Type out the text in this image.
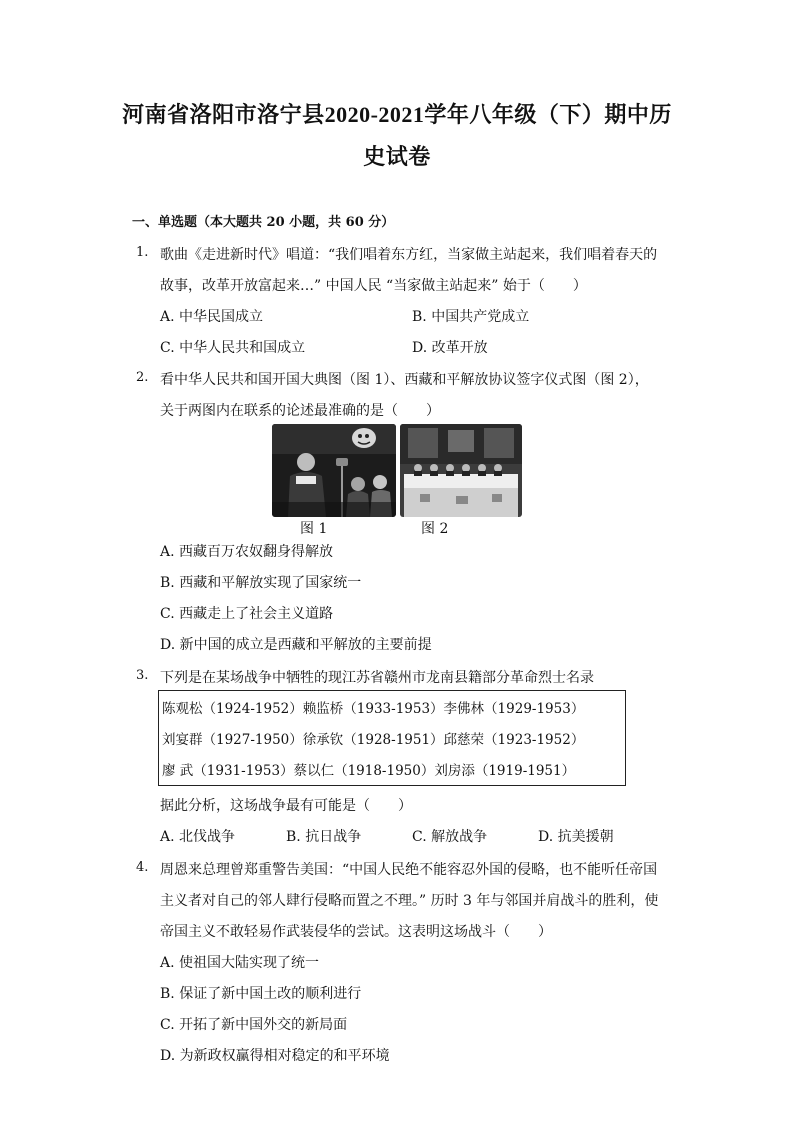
河南省洛阳市洛宁县2020-2021学年八年级（下）期中历
史试卷
一、单选题（本大题共 20 小题，共 60 分）
1. 歌曲《走进新时代》唱道：“我们唱着东方红，当家做主站起来，我们唱着春天的
故事，改革开放富起来…” 中国人民 “当家做主站起来” 始于（　　）
A. 中华民国成立	B. 中国共产党成立
C. 中华人民共和国成立	D. 改革开放
2. 看中华人民共和国开国大典图（图 1）、西藏和平解放协议签字仪式图（图 2），
关于两图内在联系的论述最准确的是（　　）
图 1	图 2
A. 西藏百万农奴翻身得解放
B. 西藏和平解放实现了国家统一
C. 西藏走上了社会主义道路
D. 新中国的成立是西藏和平解放的主要前提
3. 下列是在某场战争中牺牲的现江苏省赣州市龙南县籍部分革命烈士名录
陈观松（1924-1952）赖监桥（1933-1953）李佛林（1929-1953）
刘宴群（1927-1950）徐承钦（1928-1951）邱慈荣（1923-1952）
廖 武（1931-1953）蔡以仁（1918-1950）刘房添（1919-1951）
据此分析，这场战争最有可能是（　　）
A. 北伐战争	B. 抗日战争	C. 解放战争	D. 抗美援朝
4. 周恩来总理曾郑重警告美国：“中国人民绝不能容忍外国的侵略，也不能听任帝国
主义者对自己的邻人肆行侵略而置之不理。” 历时 3 年与邻国并肩战斗的胜利，使
帝国主义不敢轻易作武装侵华的尝试。这表明这场战斗（　　）
A. 使祖国大陆实现了统一
B. 保证了新中国土改的顺利进行
C. 开拓了新中国外交的新局面
D. 为新政权赢得相对稳定的和平环境
